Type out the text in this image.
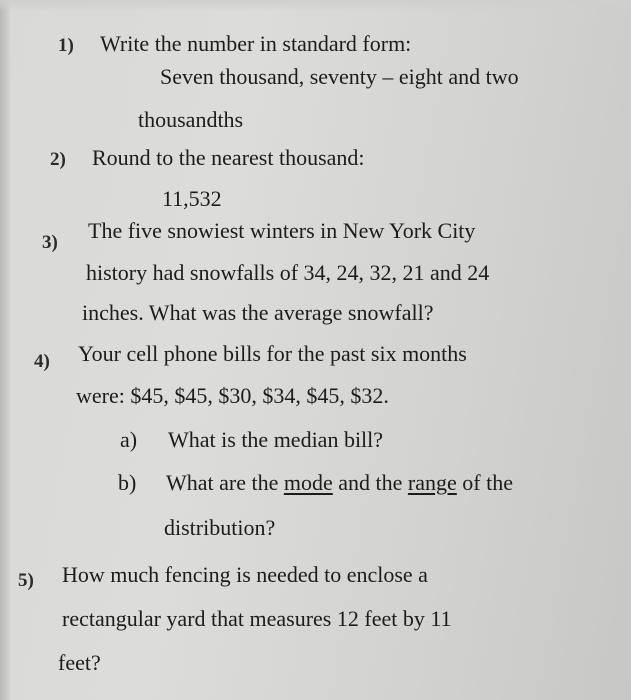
1) Write the number in standard form:
Seven thousand, seventy – eight and two
thousandths
2) Round to the nearest thousand:
11,532
3) The five snowiest winters in New York City
history had snowfalls of 34, 24, 32, 21 and 24
inches. What was the average snowfall?
4) Your cell phone bills for the past six months
were: $45, $45, $30, $34, $45, $32.
a) What is the median bill?
b) What are the mode and the range of the
distribution?
5) How much fencing is needed to enclose a
rectangular yard that measures 12 feet by 11
feet?
